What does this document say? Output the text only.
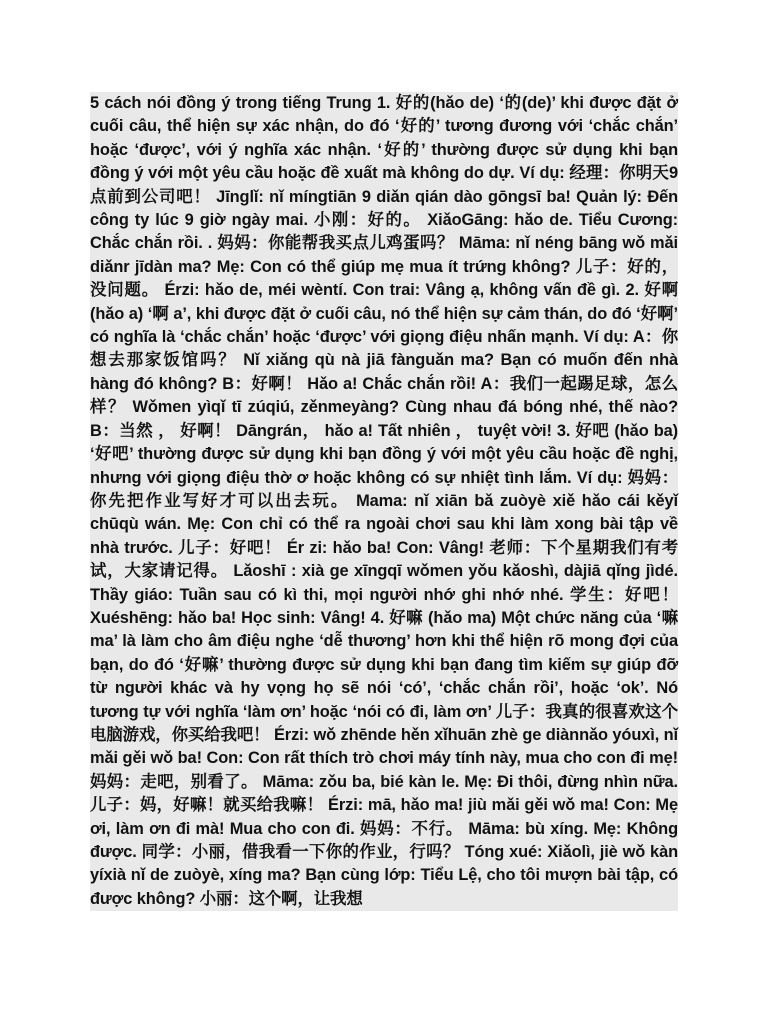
5 cách nói đồng ý trong tiếng Trung 1. 好的(hǎo de) ‘的(de)’ khi được đặt ở cuối câu, thể hiện sự xác nhận, do đó ‘好的’ tương đương với ‘chắc chắn’ hoặc ‘được’, với ý nghĩa xác nhận. ‘好的’ thường được sử dụng khi bạn đồng ý với một yêu cầu hoặc đề xuất mà không do dự. Ví dụ: 经理：你明天9点前到公司吧！ Jīnglǐ: nǐ míngtiān 9 diǎn qián dào gōngsī ba! Quản lý: Đến công ty lúc 9 giờ ngày mai. 小刚：好的。 XiǎoGāng: hǎo de. Tiểu Cương: Chắc chắn rồi. . 妈妈：你能帮我买点儿鸡蛋吗？ Māma: nǐ néng bāng wǒ mǎi diǎnr jīdàn ma? Mẹ: Con có thể giúp mẹ mua ít trứng không? 儿子：好的，没问题。 Érzi: hǎo de, méi wèntí. Con trai: Vâng ạ, không vấn đề gì. 2. 好啊 (hǎo a) ‘啊 a’, khi được đặt ở cuối câu, nó thể hiện sự cảm thán, do đó ‘好啊’ có nghĩa là ‘chắc chắn’ hoặc ‘được’ với giọng điệu nhấn mạnh. Ví dụ: A：你想去那家饭馆吗？ Nǐ xiǎng qù nà jiā fànguǎn ma? Bạn có muốn đến nhà hàng đó không? B：好啊！ Hǎo a! Chắc chắn rồi! A：我们一起踢足球，怎么样？ Wǒmen yìqǐ tī zúqiú, zěnmeyàng? Cùng nhau đá bóng nhé, thế nào? B：当然 ， 好啊！ Dāngrán， hǎo a! Tất nhiên ， tuyệt vời! 3. 好吧 (hǎo ba) ‘好吧’ thường được sử dụng khi bạn đồng ý với một yêu cầu hoặc đề nghị, nhưng với giọng điệu thờ ơ hoặc không có sự nhiệt tình lắm. Ví dụ: 妈妈：你先把作业写好才可以出去玩。 Mama: nǐ xiān bǎ zuòyè xiě hǎo cái kěyǐ chūqù wán. Mẹ: Con chỉ có thể ra ngoài chơi sau khi làm xong bài tập về nhà trước. 儿子：好吧！ Ér zi: hǎo ba! Con: Vâng! 老师：下个星期我们有考试，大家请记得。 Lǎoshī : xià ge xīngqī wǒmen yǒu kǎoshì, dàjiā qǐng jìdé. Thầy giáo: Tuần sau có kì thi, mọi người nhớ ghi nhớ nhé. 学生：好吧！ Xuéshēng: hǎo ba! Học sinh: Vâng! 4. 好嘛 (hǎo ma) Một chức năng của ‘嘛 ma’ là làm cho âm điệu nghe ‘dễ thương’ hơn khi thể hiện rõ mong đợi của bạn, do đó ‘好嘛’ thường được sử dụng khi bạn đang tìm kiếm sự giúp đỡ từ người khác và hy vọng họ sẽ nói ‘có’, ‘chắc chắn rồi’, hoặc ‘ok’. Nó tương tự với nghĩa ‘làm ơn’ hoặc ‘nói có đi, làm ơn’ 儿子：我真的很喜欢这个电脑游戏，你买给我吧！ Érzi: wǒ zhēnde hěn xǐhuān zhè ge diànnǎo yóuxì, nǐ mǎi gěi wǒ ba! Con: Con rất thích trò chơi máy tính này, mua cho con đi mẹ! 妈妈：走吧，别看了。 Māma: zǒu ba, bié kàn le. Mẹ: Đi thôi, đừng nhìn nữa. 儿子：妈，好嘛！就买给我嘛！ Érzi: mā, hǎo ma! jiù mǎi gěi wǒ ma! Con: Mẹ ơi, làm ơn đi mà! Mua cho con đi. 妈妈：不行。 Māma: bù xíng. Mẹ: Không được. 同学：小丽，借我看一下你的作业，行吗？ Tóng xué: Xiǎolì, jiè wǒ kàn yíxià nǐ de zuòyè, xíng ma? Bạn cùng lớp: Tiểu Lệ, cho tôi mượn bài tập, có được không? 小丽：这个啊，让我想
